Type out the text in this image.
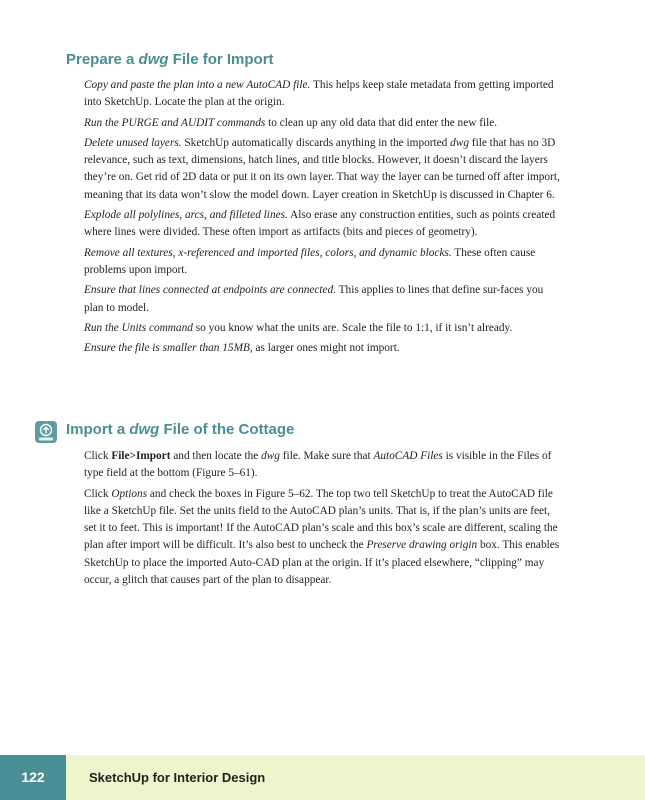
Prepare a dwg File for Import

Copy and paste the plan into a new AutoCAD file. This helps keep stale metadata from getting imported into SketchUp. Locate the plan at the origin.

Run the PURGE and AUDIT commands to clean up any old data that did enter the new file.

Delete unused layers. SketchUp automatically discards anything in the imported dwg file that has no 3D relevance, such as text, dimensions, hatch lines, and title blocks. However, it doesn’t discard the layers they’re on. Get rid of 2D data or put it on its own layer. That way the layer can be turned off after import, meaning that its data won’t slow the model down. Layer creation in SketchUp is discussed in Chapter 6.

Explode all polylines, arcs, and filleted lines. Also erase any construction entities, such as points created where lines were divided. These often import as artifacts (bits and pieces of geometry).

Remove all textures, x-referenced and imported files, colors, and dynamic blocks. These often cause problems upon import.

Ensure that lines connected at endpoints are connected. This applies to lines that define sur-faces you plan to model.

Run the Units command so you know what the units are. Scale the file to 1:1, if it isn’t already.

Ensure the file is smaller than 15MB, as larger ones might not import.

Import a dwg File of the Cottage

Click File>Import and then locate the dwg file. Make sure that AutoCAD Files is visible in the Files of type field at the bottom (Figure 5–61).

Click Options and check the boxes in Figure 5–62. The top two tell SketchUp to treat the AutoCAD file like a SketchUp file. Set the units field to the AutoCAD plan’s units. That is, if the plan’s units are feet, set it to feet. This is important! If the AutoCAD plan’s scale and this box’s scale are different, scaling the plan after import will be difficult. It’s also best to uncheck the Preserve drawing origin box. This enables SketchUp to place the imported Auto-CAD plan at the origin. If it’s placed elsewhere, “clipping” may occur, a glitch that causes part of the plan to disappear.

122	SketchUp for Interior Design
